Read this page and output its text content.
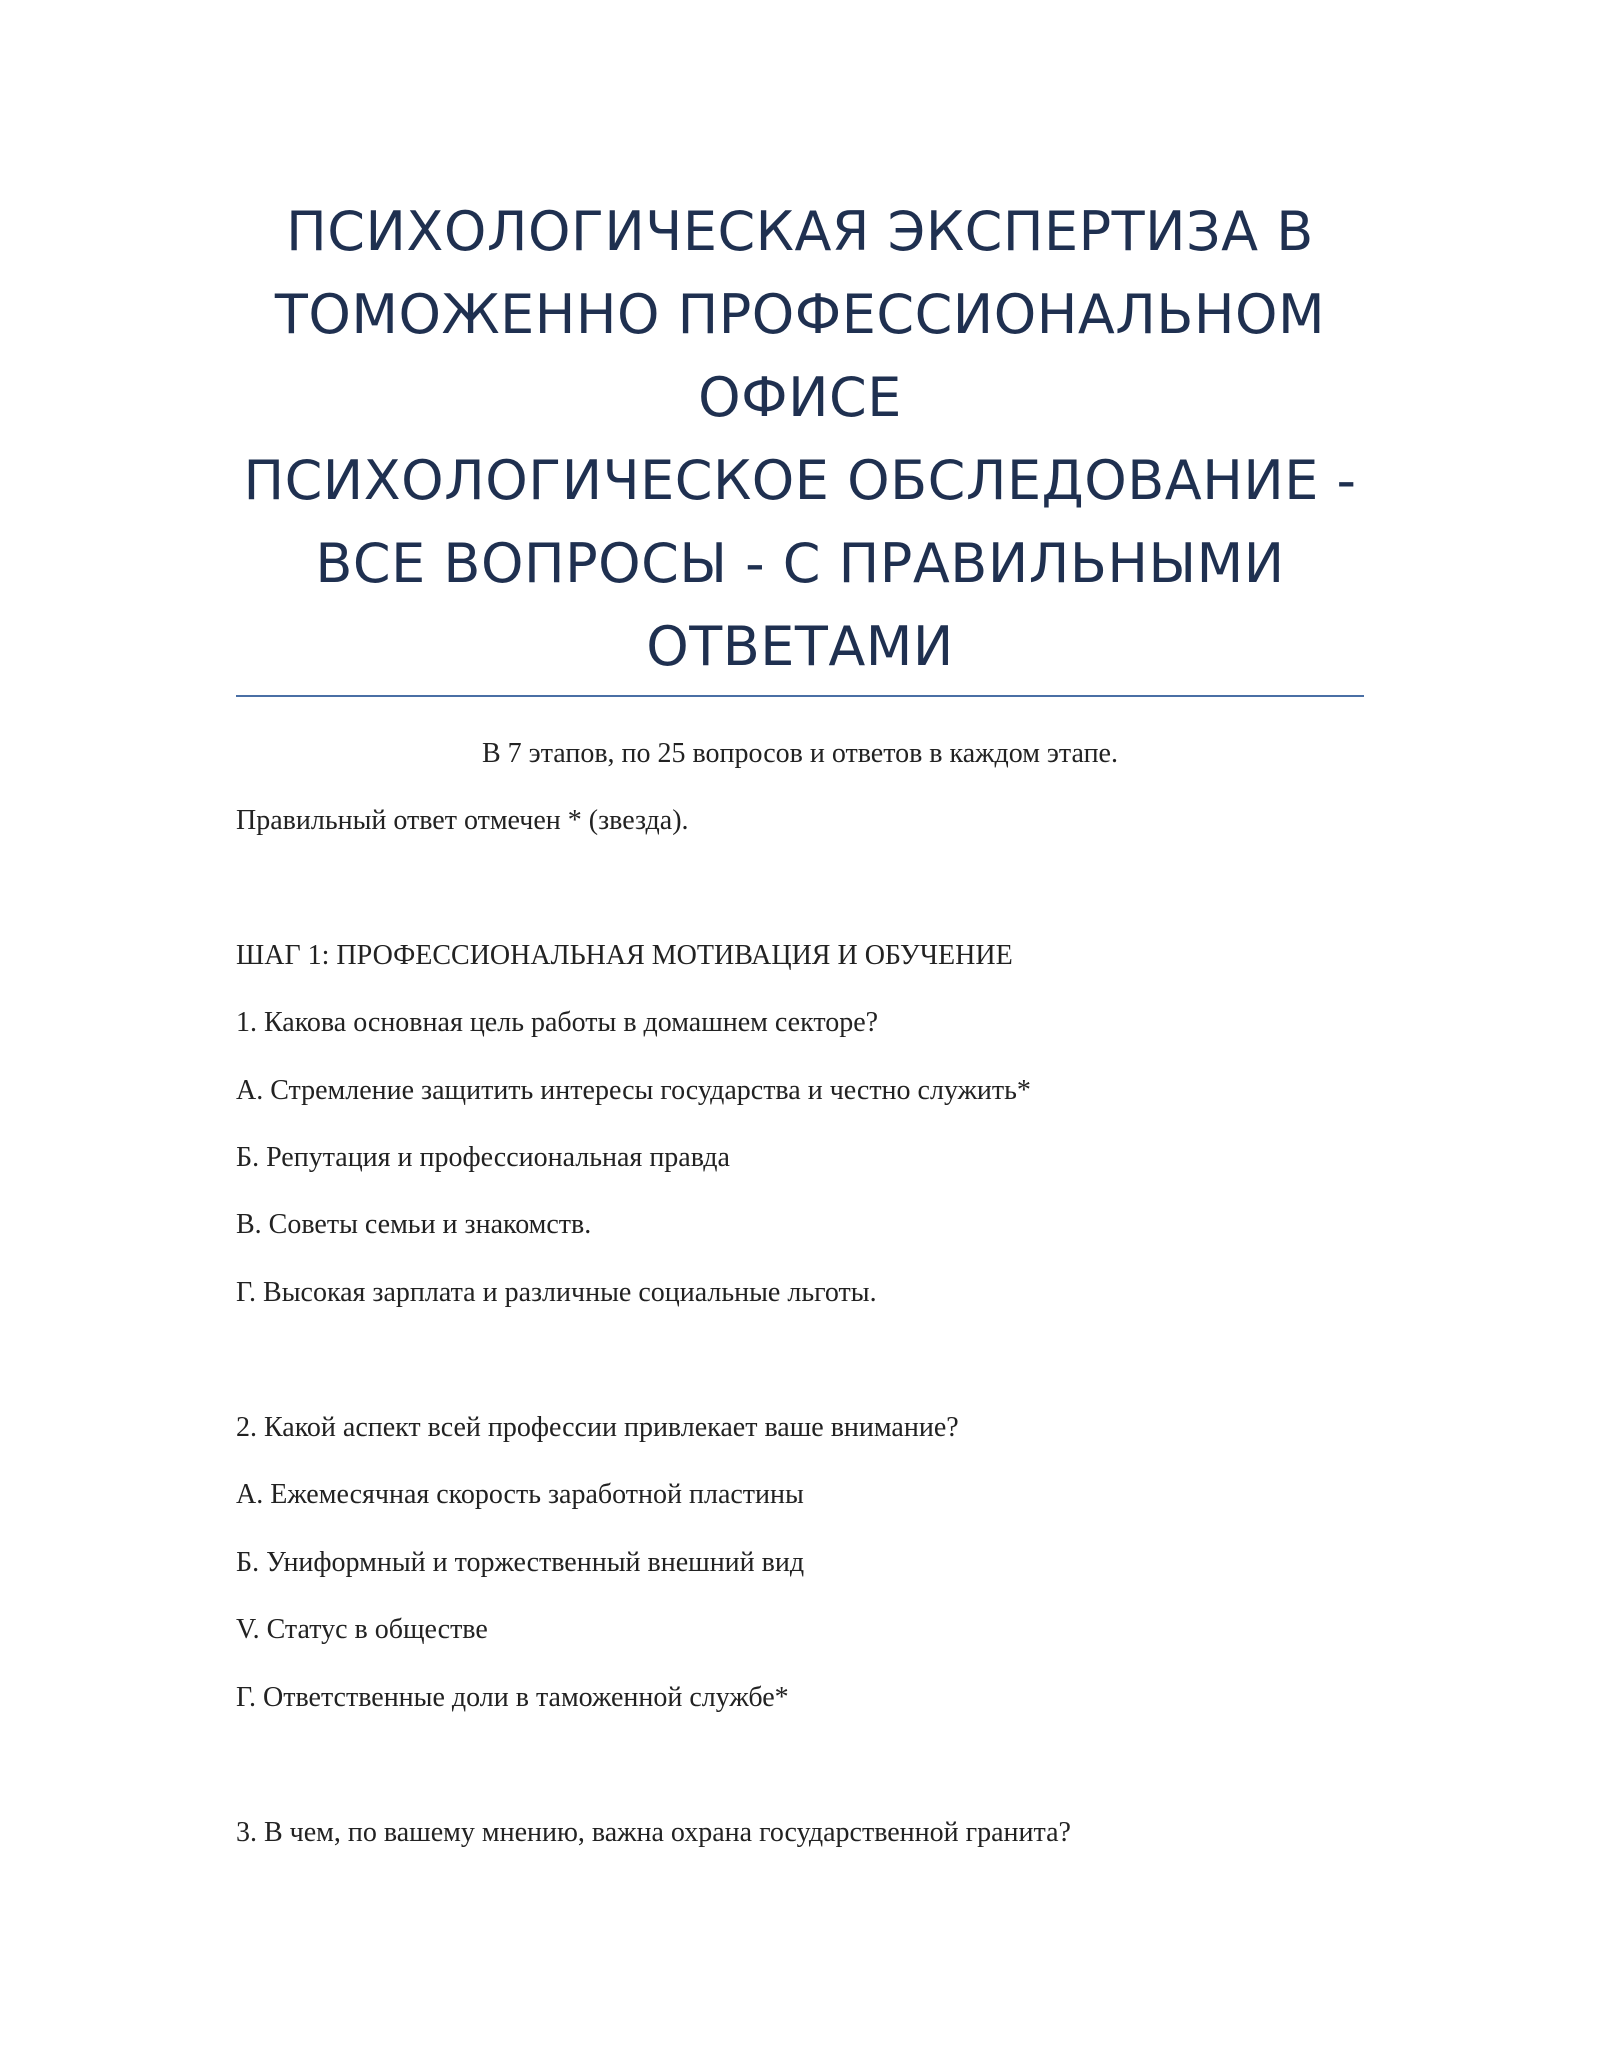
ПСИХОЛОГИЧЕСКАЯ ЭКСПЕРТИЗА В
ТОМОЖЕННО ПРОФЕССИОНАЛЬНОМ
ОФИСЕ
ПСИХОЛОГИЧЕСКОЕ ОБСЛЕДОВАНИЕ -
ВСЕ ВОПРОСЫ - С ПРАВИЛЬНЫМИ
ОТВЕТАМИ
В 7 этапов, по 25 вопросов и ответов в каждом этапе.
Правильный ответ отмечен * (звезда).
ШАГ 1: ПРОФЕССИОНАЛЬНАЯ МОТИВАЦИЯ И ОБУЧЕНИЕ
1. Какова основная цель работы в домашнем секторе?
А. Стремление защитить интересы государства и честно служить*
Б. Репутация и профессиональная правда
В. Советы семьи и знакомств.
Г. Высокая зарплата и различные социальные льготы.
2. Какой аспект всей профессии привлекает ваше внимание?
А. Ежемесячная скорость заработной пластины
Б. Униформный и торжественный внешний вид
V. Статус в обществе
Г. Ответственные доли в таможенной службе*
3. В чем, по вашему мнению, важна охрана государственной гранита?
